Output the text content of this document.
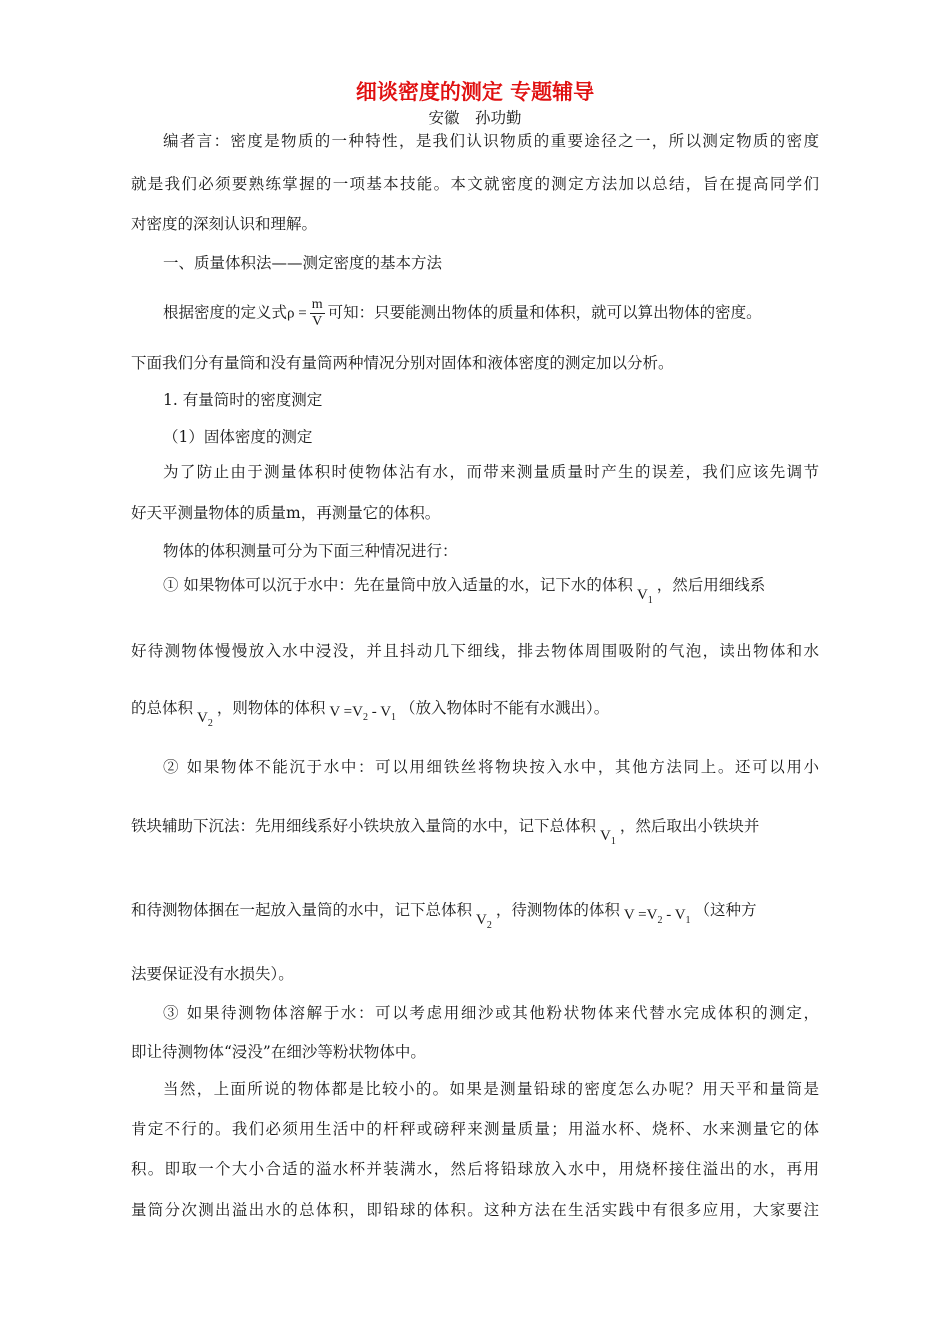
细谈密度的测定 专题辅导
安徽　孙功勤
编者言：密度是物质的一种特性，是我们认识物质的重要途径之一，所以测定物质的密度
就是我们必须要熟练掌握的一项基本技能。本文就密度的测定方法加以总结，旨在提高同学们
对密度的深刻认识和理解。
一、质量体积法——测定密度的基本方法
根据密度的定义式$\rho = \frac{m}{V}$ 可知：只要能测出物体的质量和体积，就可以算出物体的密度。
下面我们分有量筒和没有量筒两种情况分别对固体和液体密度的测定加以分析。
1. 有量筒时的密度测定
（1）固体密度的测定
为了防止由于测量体积时使物体沾有水，而带来测量质量时产生的误差，我们应该先调节
好天平测量物体的质量m，再测量它的体积。
物体的体积测量可分为下面三种情况进行：
① 如果物体可以沉于水中：先在量筒中放入适量的水，记下水的体积$V_1$，然后用细线系
好待测物体慢慢放入水中浸没，并且抖动几下细线，排去物体周围吸附的气泡，读出物体和水
的总体积$V_2$，则物体的体积 $V =V_2 - V_1$（放入物体时不能有水溅出）。
② 如果物体不能沉于水中：可以用细铁丝将物块按入水中，其他方法同上。还可以用小
铁块辅助下沉法：先用细线系好小铁块放入量筒的水中，记下总体积$V_1$，然后取出小铁块并
和待测物体捆在一起放入量筒的水中，记下总体积$V_2$，待测物体的体积 $V =V_2 - V_1$（这种方
法要保证没有水损失）。
③ 如果待测物体溶解于水：可以考虑用细沙或其他粉状物体来代替水完成体积的测定，
即让待测物体“浸没”在细沙等粉状物体中。
当然，上面所说的物体都是比较小的。如果是测量铅球的密度怎么办呢？用天平和量筒是
肯定不行的。我们必须用生活中的杆秤或磅秤来测量质量；用溢水杯、烧杯、水来测量它的体
积。即取一个大小合适的溢水杯并装满水，然后将铅球放入水中，用烧杯接住溢出的水，再用
量筒分次测出溢出水的总体积，即铅球的体积。这种方法在生活实践中有很多应用，大家要注
